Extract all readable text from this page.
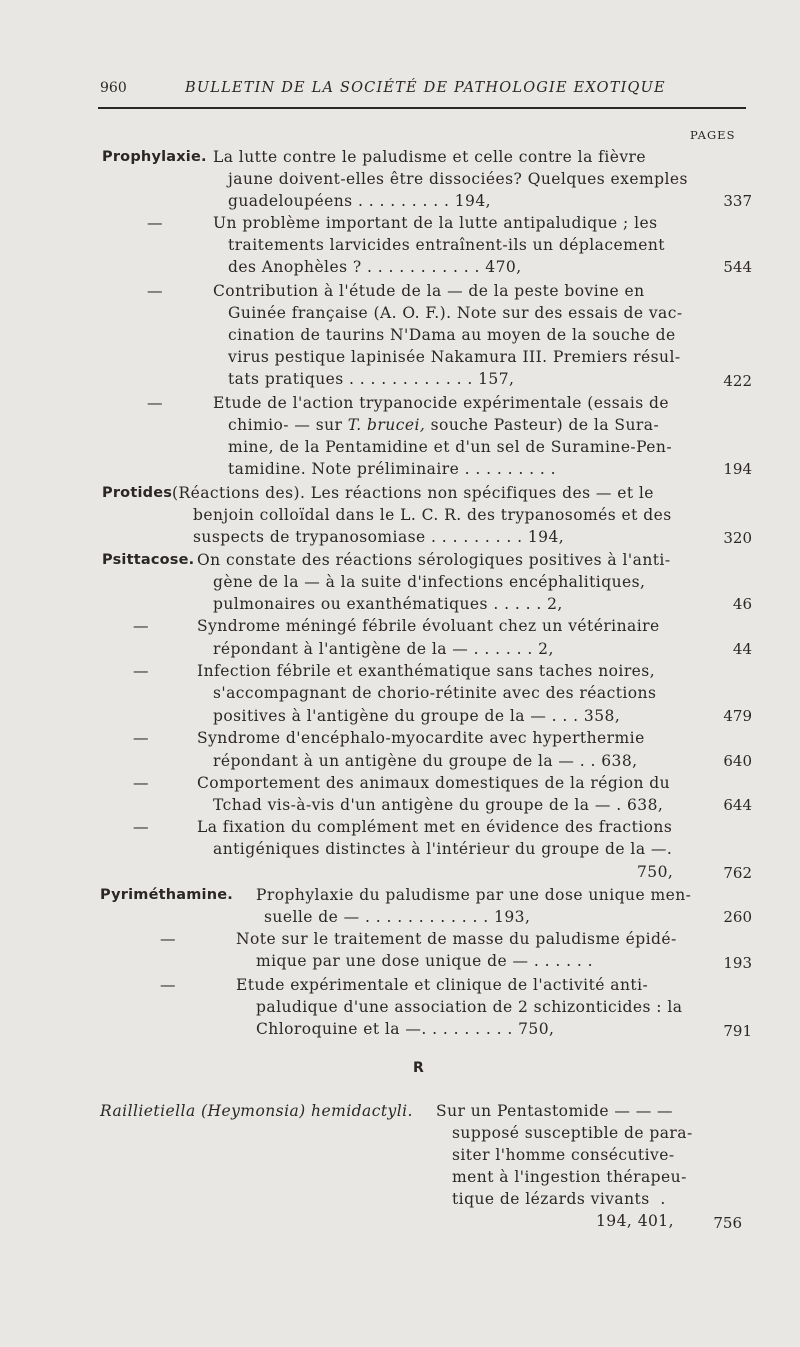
960	BULLETIN DE LA SOCIÉTÉ DE PATHOLOGIE EXOTIQUE
PAGES
Prophylaxie. La lutte contre le paludisme et celle contre la fièvre
jaune doivent-elles être dissociées? Quelques exemples
guadeloupéens . . . . . . . . . 194,	337
—	Un problème important de la lutte antipaludique ; les
traitements larvicides entraînent-ils un déplacement
des Anophèles ? . . . . . . . . . . . 470,	544
—	Contribution à l'étude de la — de la peste bovine en
Guinée française (A. O. F.). Note sur des essais de vac-
cination de taurins N'Dama au moyen de la souche de
virus pestique lapinisée Nakamura III. Premiers résul-
tats pratiques . . . . . . . . . . . . 157,	422
—	Etude de l'action trypanocide expérimentale (essais de
chimio- — sur T. brucei, souche Pasteur) de la Sura-
mine, de la Pentamidine et d'un sel de Suramine-Pen-
tamidine. Note préliminaire . . . . . . . . .	194
Protides (Réactions des). Les réactions non spécifiques des — et le
benjoin colloïdal dans le L. C. R. des trypanosomés et des
suspects de trypanosomiase . . . . . . . . . 194,	320
Psittacose. On constate des réactions sérologiques positives à l'anti-
gène de la — à la suite d'infections encéphalitiques,
pulmonaires ou exanthématiques . . . . . 2,	46
—	Syndrome méningé fébrile évoluant chez un vétérinaire
répondant à l'antigène de la — . . . . . . 2,	44
—	Infection fébrile et exanthématique sans taches noires,
s'accompagnant de chorio-rétinite avec des réactions
positives à l'antigène du groupe de la — . . . 358,	479
—	Syndrome d'encéphalo-myocardite avec hyperthermie
répondant à un antigène du groupe de la — . . 638,	640
—	Comportement des animaux domestiques de la région du
Tchad vis-à-vis d'un antigène du groupe de la — . 638,	644
—	La fixation du complément met en évidence des fractions
antigéniques distinctes à l'intérieur du groupe de la —.
750,	762
Pyriméthamine. Prophylaxie du paludisme par une dose unique men-
suelle de — . . . . . . . . . . . . 193,	260
—	Note sur le traitement de masse du paludisme épidé-
mique par une dose unique de — . . . . . .	193
—	Etude expérimentale et clinique de l'activité anti-
paludique d'une association de 2 schizonticides : la
Chloroquine et la —. . . . . . . . . 750,	791
R
Raillietiella (Heymonsia) hemidactyli. Sur un Pentastomide — — —
supposé susceptible de para-
siter l'homme consécutive-
ment à l'ingestion thérapeu-
tique de lézards vivants  .
194, 401,	756
